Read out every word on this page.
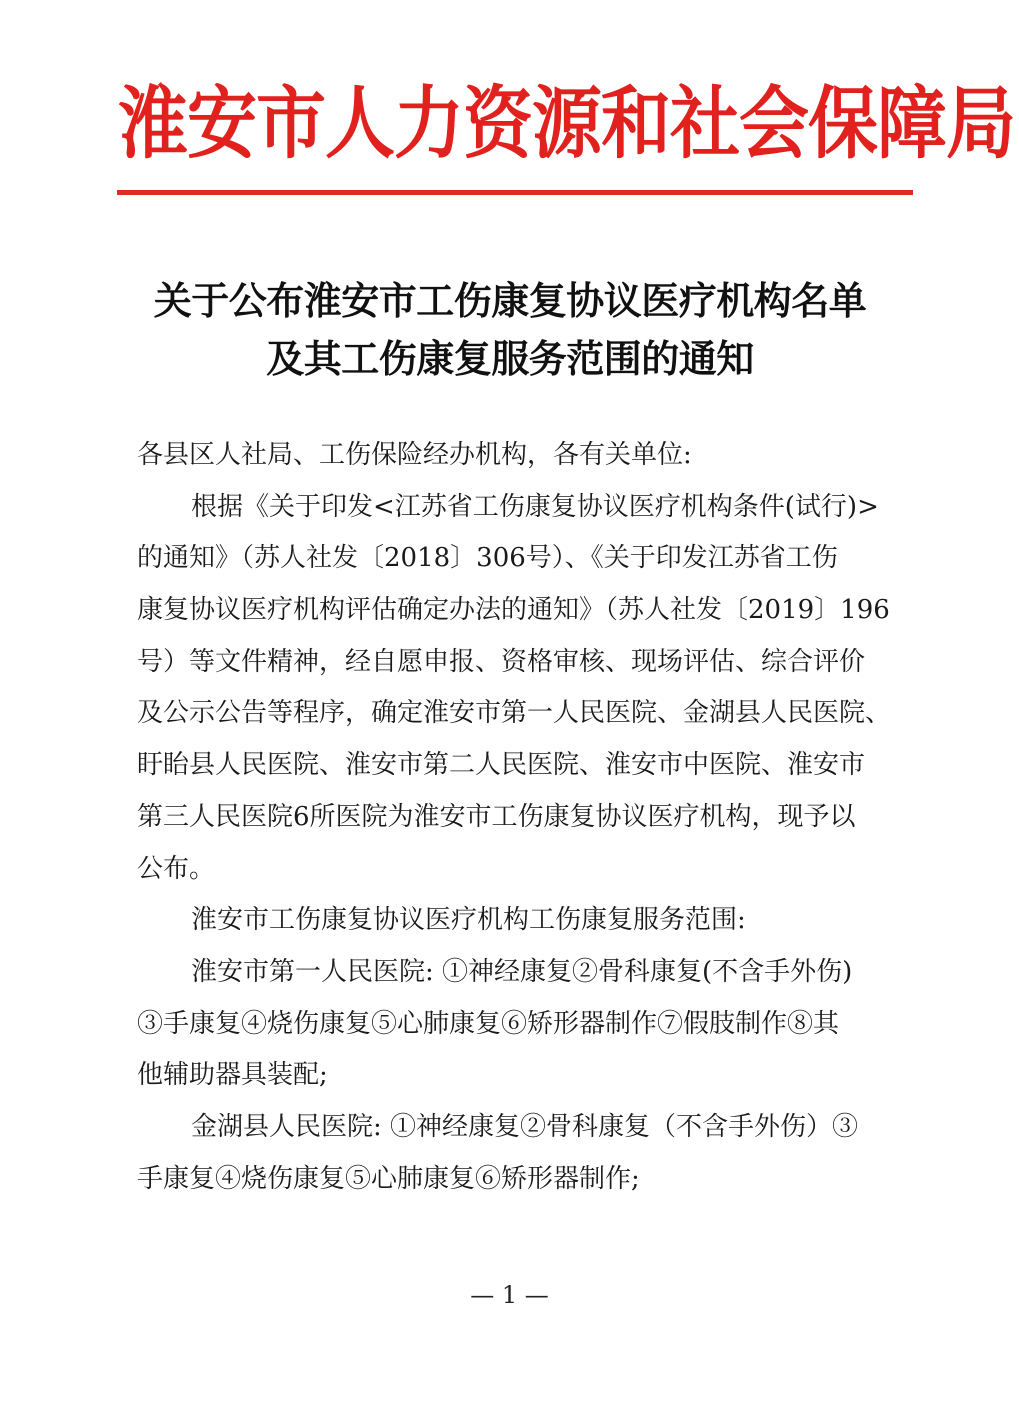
淮安市人力资源和社会保障局
关于公布淮安市工伤康复协议医疗机构名单
及其工伤康复服务范围的通知
各县区人社局、工伤保险经办机构，各有关单位:
根据《关于印发<江苏省工伤康复协议医疗机构条件(试行)>
的通知》（苏人社发〔2018〕306号）、《关于印发江苏省工伤
康复协议医疗机构评估确定办法的通知》（苏人社发〔2019〕196
号）等文件精神，经自愿申报、资格审核、现场评估、综合评价
及公示公告等程序，确定淮安市第一人民医院、金湖县人民医院、
盱眙县人民医院、淮安市第二人民医院、淮安市中医院、淮安市
第三人民医院6所医院为淮安市工伤康复协议医疗机构，现予以
公布。
淮安市工伤康复协议医疗机构工伤康复服务范围:
淮安市第一人民医院: ①神经康复②骨科康复(不含手外伤)
③手康复④烧伤康复⑤心肺康复⑥矫形器制作⑦假肢制作⑧其
他辅助器具装配;
金湖县人民医院: ①神经康复②骨科康复（不含手外伤）③
手康复④烧伤康复⑤心肺康复⑥矫形器制作;
— 1 —
